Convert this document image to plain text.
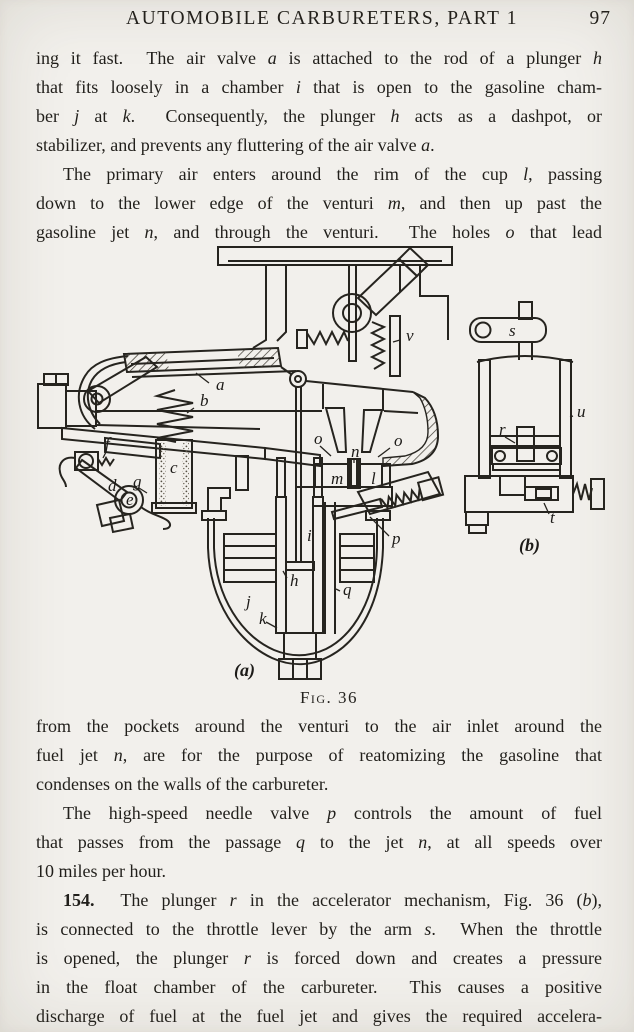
AUTOMOBILE CARBURETERS, PART 1	97
ing it fast.  The air valve a is attached to the rod of a plunger h
that fits loosely in a chamber i that is open to the gasoline cham-
ber j at k.  Consequently, the plunger h acts as a dashpot, or
stabilizer, and prevents any fluttering of the air valve a.
The primary air enters around the rim of the cup l, passing
down to the lower edge of the venturi m, and then up past the
gasoline jet n, and through the venturi.  The holes o that lead
a
b
v
f
c
g
d
e
o
n
o
m l
i
h
p
q
j
k
(a)
s
u
r
t
(b)
Fig. 36
from the pockets around the venturi to the air inlet around the
fuel jet n, are for the purpose of reatomizing the gasoline that
condenses on the walls of the carbureter.
The high-speed needle valve p controls the amount of fuel
that passes from the passage q to the jet n, at all speeds over
10 miles per hour.
154.  The plunger r in the accelerator mechanism, Fig. 36 (b),
is connected to the throttle lever by the arm s.  When the throttle
is opened, the plunger r is forced down and creates a pressure
in the float chamber of the carbureter.  This causes a positive
discharge of fuel at the fuel jet and gives the required accelera-
